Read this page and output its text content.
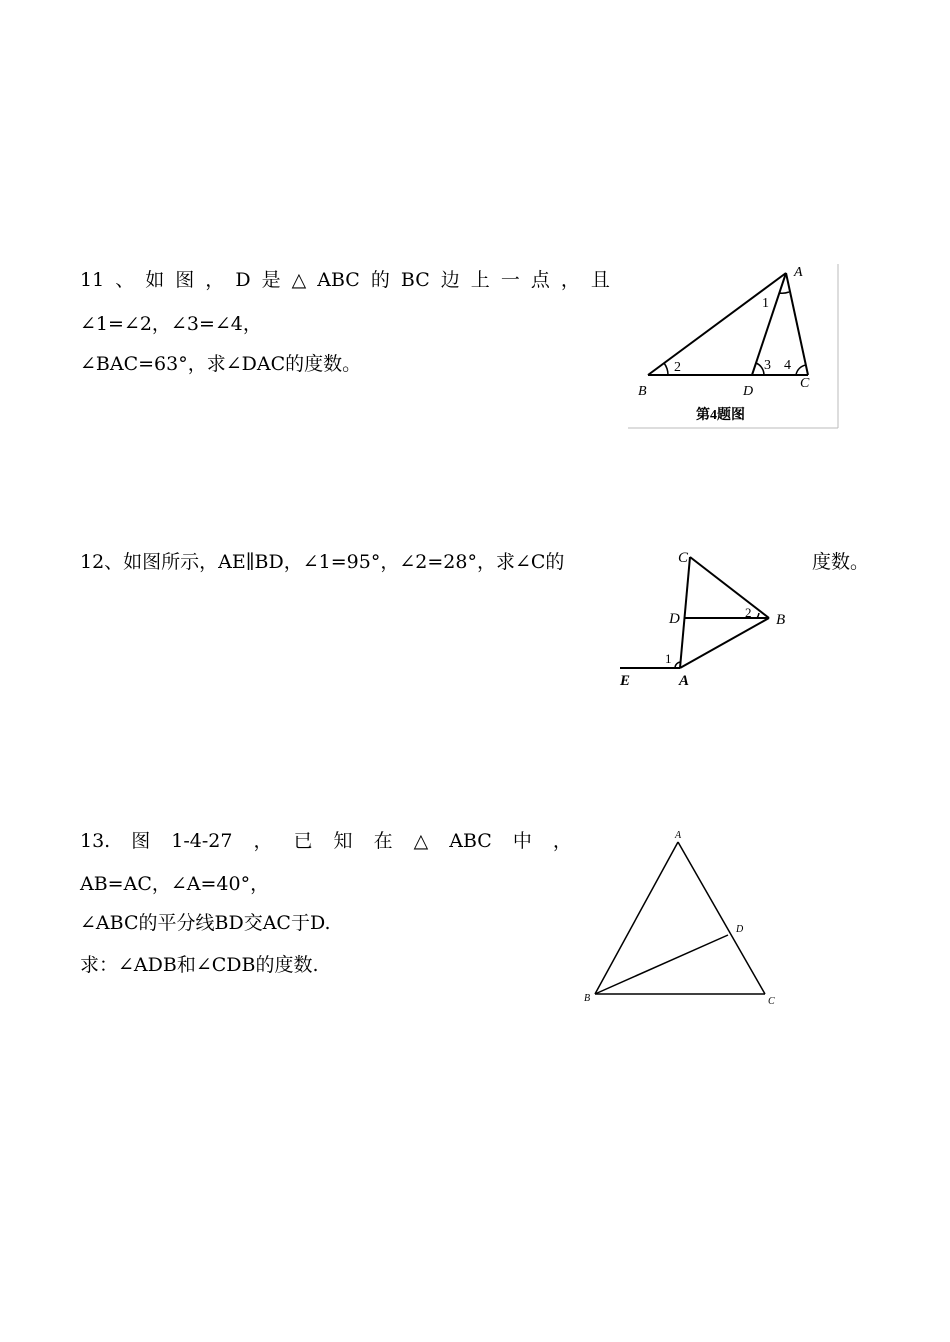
11 、 如 图 ， D 是 △ ABC 的 BC 边 上 一 点 ， 且
∠1=∠2，∠3=∠4，
∠BAC=63°，求∠DAC的度数。
A
B
C
D
1
2	3 4
第4题图
12、如图所示，AE∥BD，∠1=95°，∠2=28°，求∠C的	度数。
C
D	B
A
E
1
2
13. 图 1-4-27 ， 已 知 在 △ ABC 中 ，
AB=AC，∠A=40°，
∠ABC的平分线BD交AC于D.
求：∠ADB和∠CDB的度数.
A
B	C
D
